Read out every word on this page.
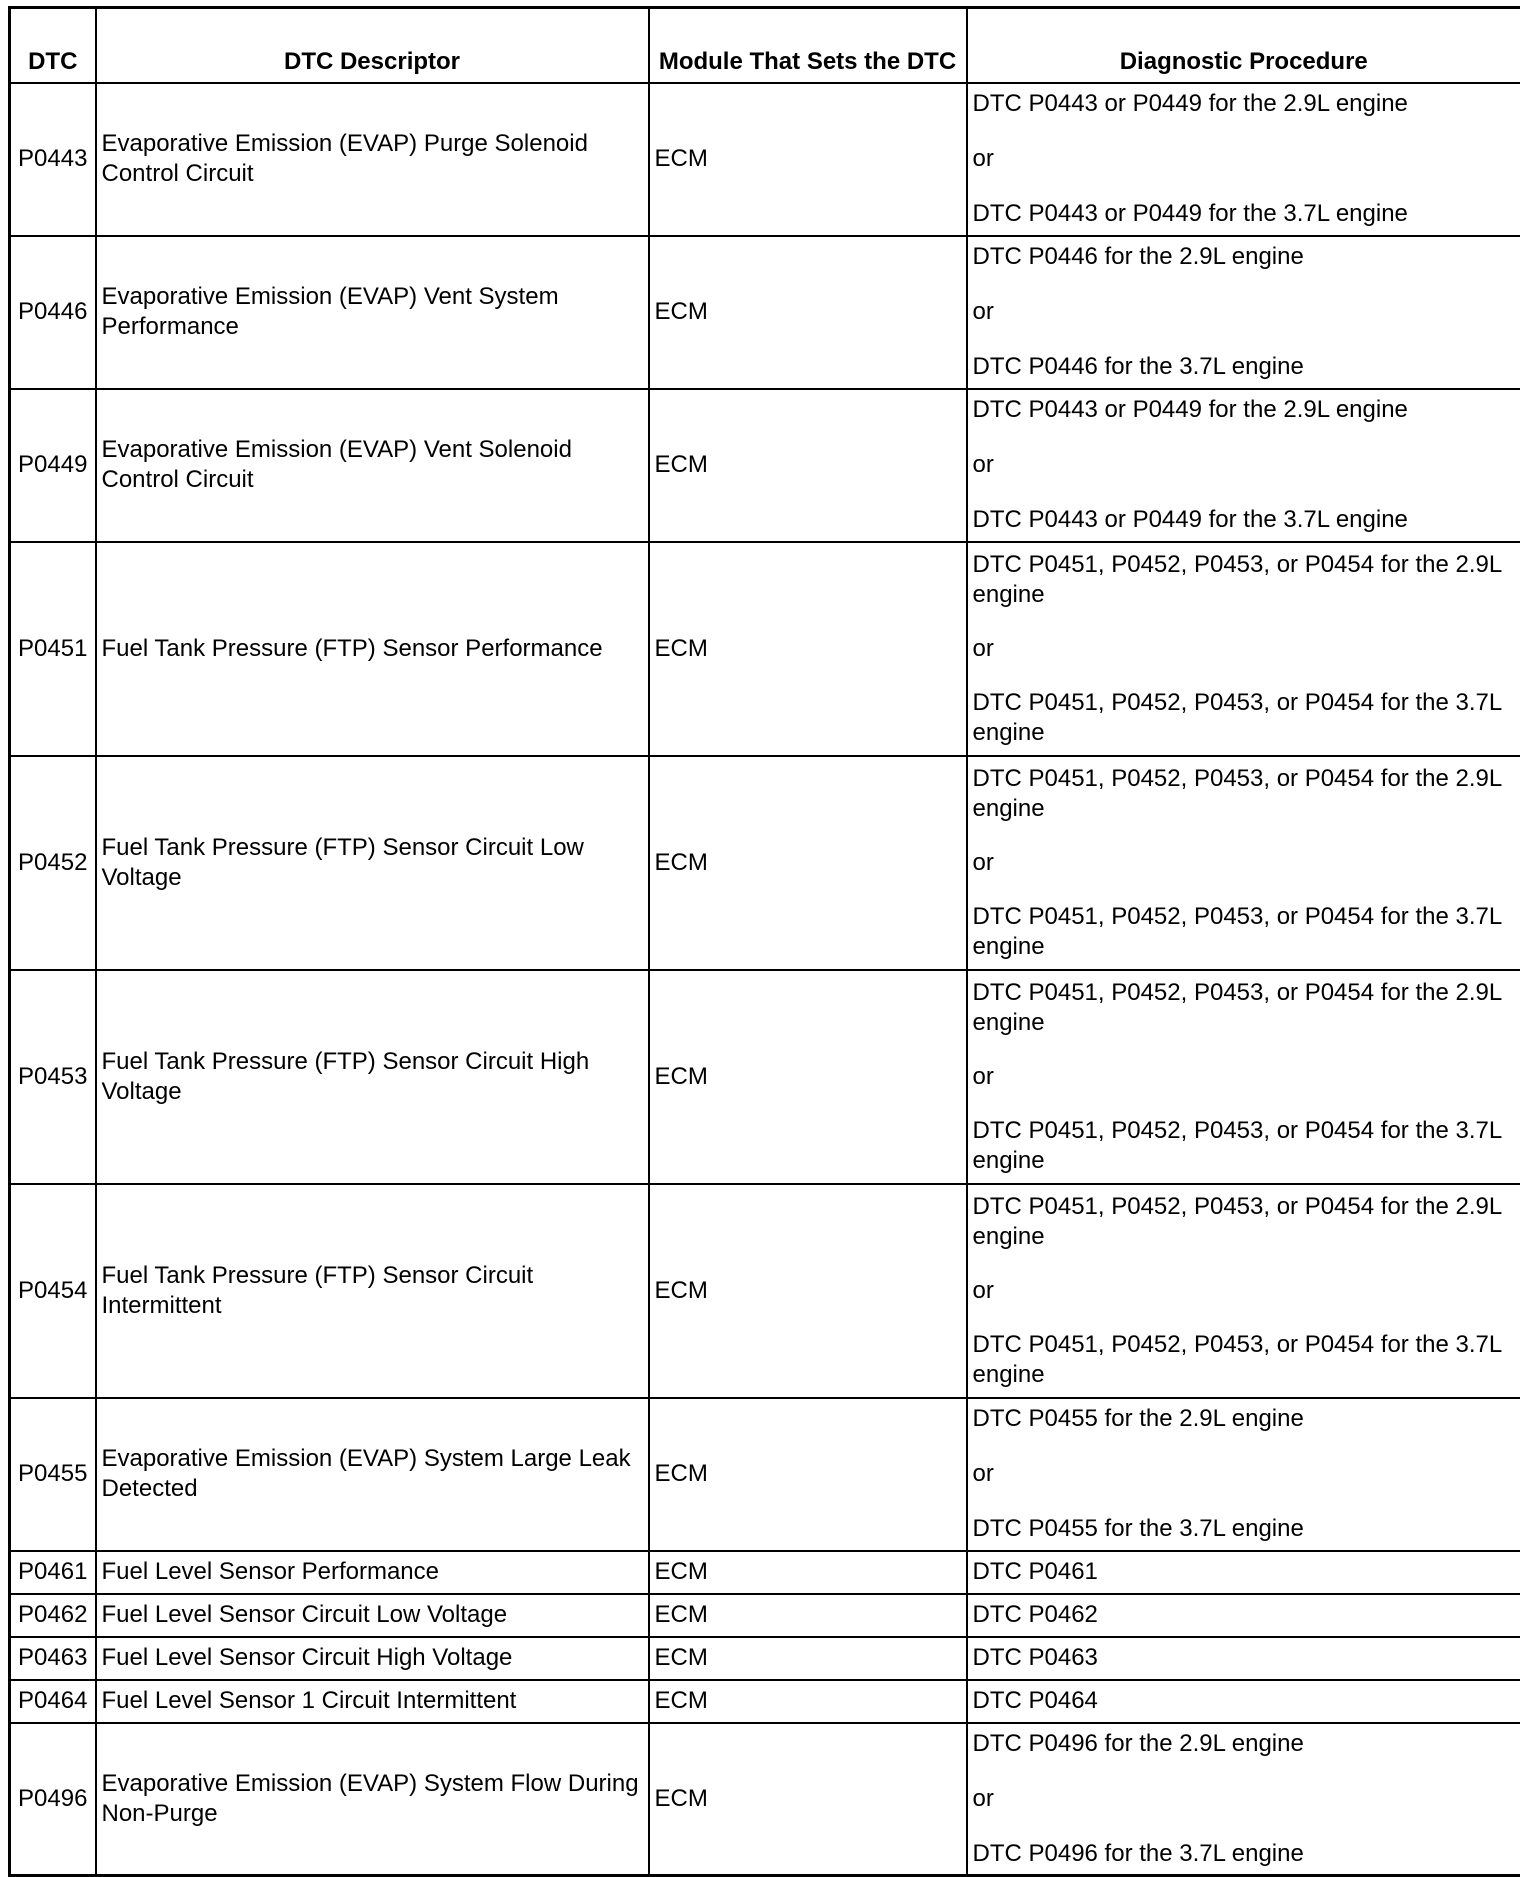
DTC	DTC Descriptor	Module That Sets the DTC	Diagnostic Procedure
P0443	Evaporative Emission (EVAP) Purge Solenoid Control Circuit	ECM	DTC P0443 or P0449 for the 2.9L engine
or
DTC P0443 or P0449 for the 3.7L engine

P0446	Evaporative Emission (EVAP) Vent System Performance	ECM	DTC P0446 for the 2.9L engine
or
DTC P0446 for the 3.7L engine

P0449	Evaporative Emission (EVAP) Vent Solenoid Control Circuit	ECM	DTC P0443 or P0449 for the 2.9L engine
or
DTC P0443 or P0449 for the 3.7L engine

P0451	Fuel Tank Pressure (FTP) Sensor Performance	ECM	DTC P0451, P0452, P0453, or P0454 for the 2.9L engine
or
DTC P0451, P0452, P0453, or P0454 for the 3.7L engine

P0452	Fuel Tank Pressure (FTP) Sensor Circuit Low Voltage	ECM	DTC P0451, P0452, P0453, or P0454 for the 2.9L engine
or
DTC P0451, P0452, P0453, or P0454 for the 3.7L engine

P0453	Fuel Tank Pressure (FTP) Sensor Circuit High Voltage	ECM	DTC P0451, P0452, P0453, or P0454 for the 2.9L engine
or
DTC P0451, P0452, P0453, or P0454 for the 3.7L engine

P0454	Fuel Tank Pressure (FTP) Sensor Circuit Intermittent	ECM	DTC P0451, P0452, P0453, or P0454 for the 2.9L engine
or
DTC P0451, P0452, P0453, or P0454 for the 3.7L engine

P0455	Evaporative Emission (EVAP) System Large Leak Detected	ECM	DTC P0455 for the 2.9L engine
or
DTC P0455 for the 3.7L engine

P0461	Fuel Level Sensor Performance	ECM	DTC P0461
P0462	Fuel Level Sensor Circuit Low Voltage	ECM	DTC P0462
P0463	Fuel Level Sensor Circuit High Voltage	ECM	DTC P0463
P0464	Fuel Level Sensor 1 Circuit Intermittent	ECM	DTC P0464
P0496	Evaporative Emission (EVAP) System Flow During Non-Purge	ECM	DTC P0496 for the 2.9L engine
or
DTC P0496 for the 3.7L engine
